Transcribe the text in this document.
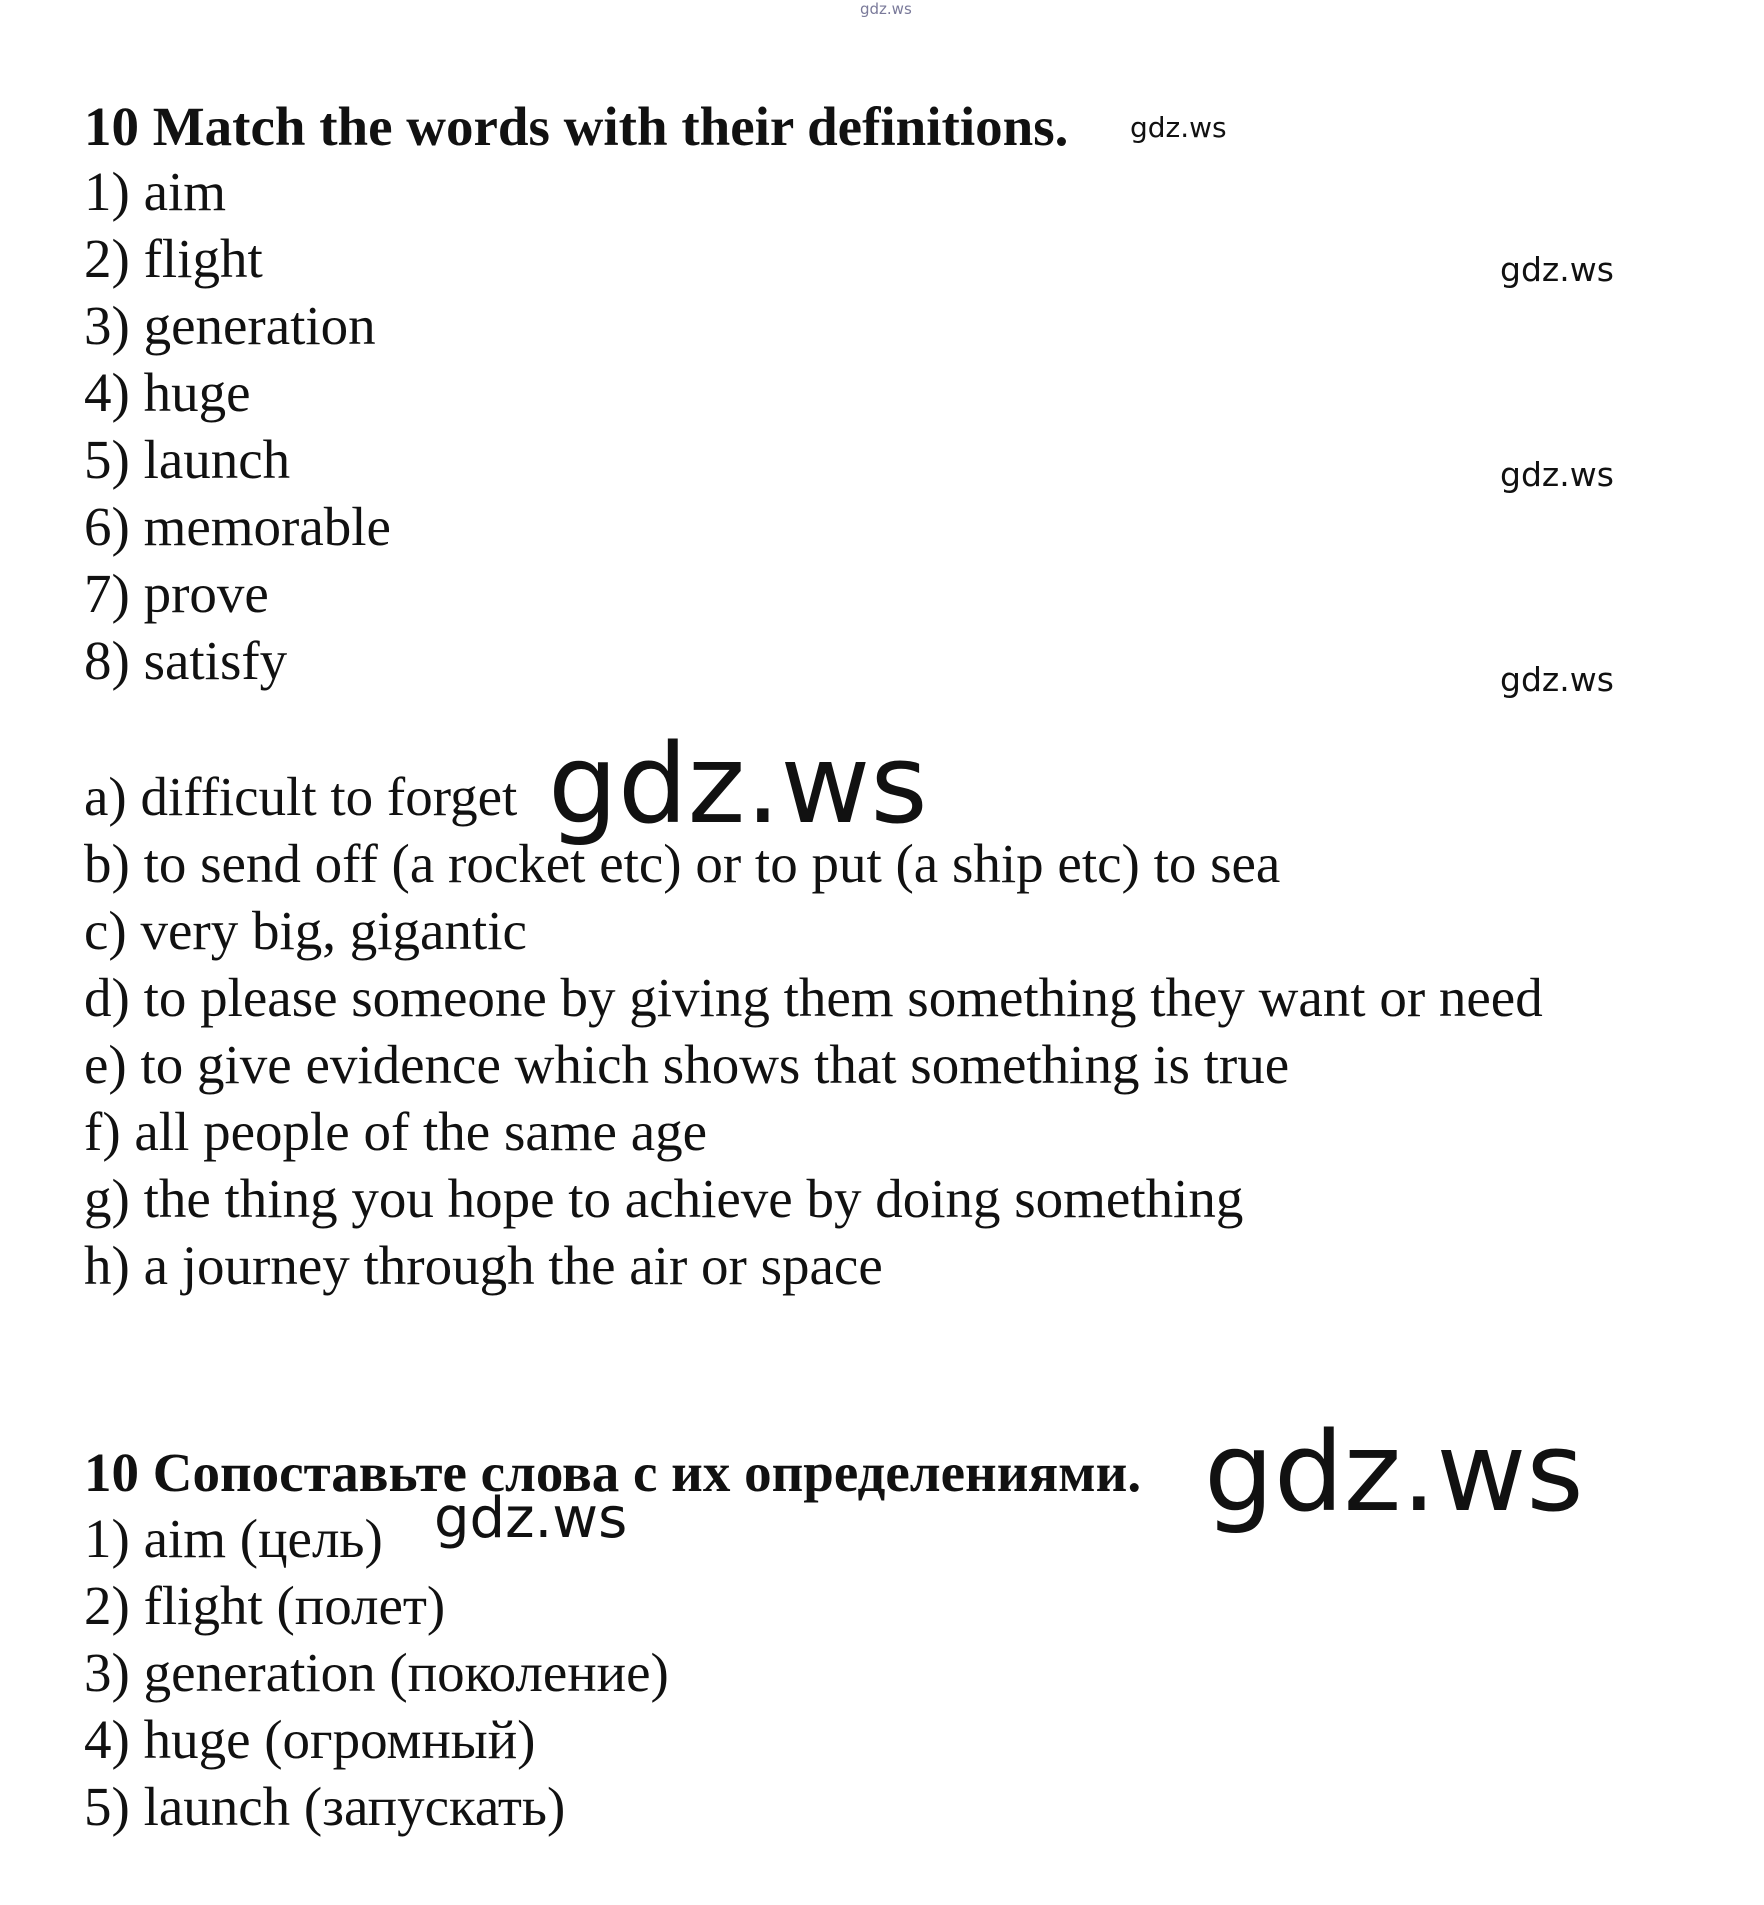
gdz.ws
10 Match the words with their definitions. gdz.ws
1) aim
2) flight
3) generation
4) huge
5) launch
6) memorable
7) prove
8) satisfy
gdz.ws
gdz.ws
gdz.ws
a) difficult to forget gdz.ws
b) to send off (a rocket etc) or to put (a ship etc) to sea
c) very big, gigantic
d) to please someone by giving them something they want or need
e) to give evidence which shows that something is true
f) all people of the same age
g) the thing you hope to achieve by doing something
h) a journey through the air or space
10 Сопоставьте слова с их определениями. gdz.ws
gdz.ws
1) aim (цель)
2) flight (полет)
3) generation (поколение)
4) huge (огромный)
5) launch (запускать)
